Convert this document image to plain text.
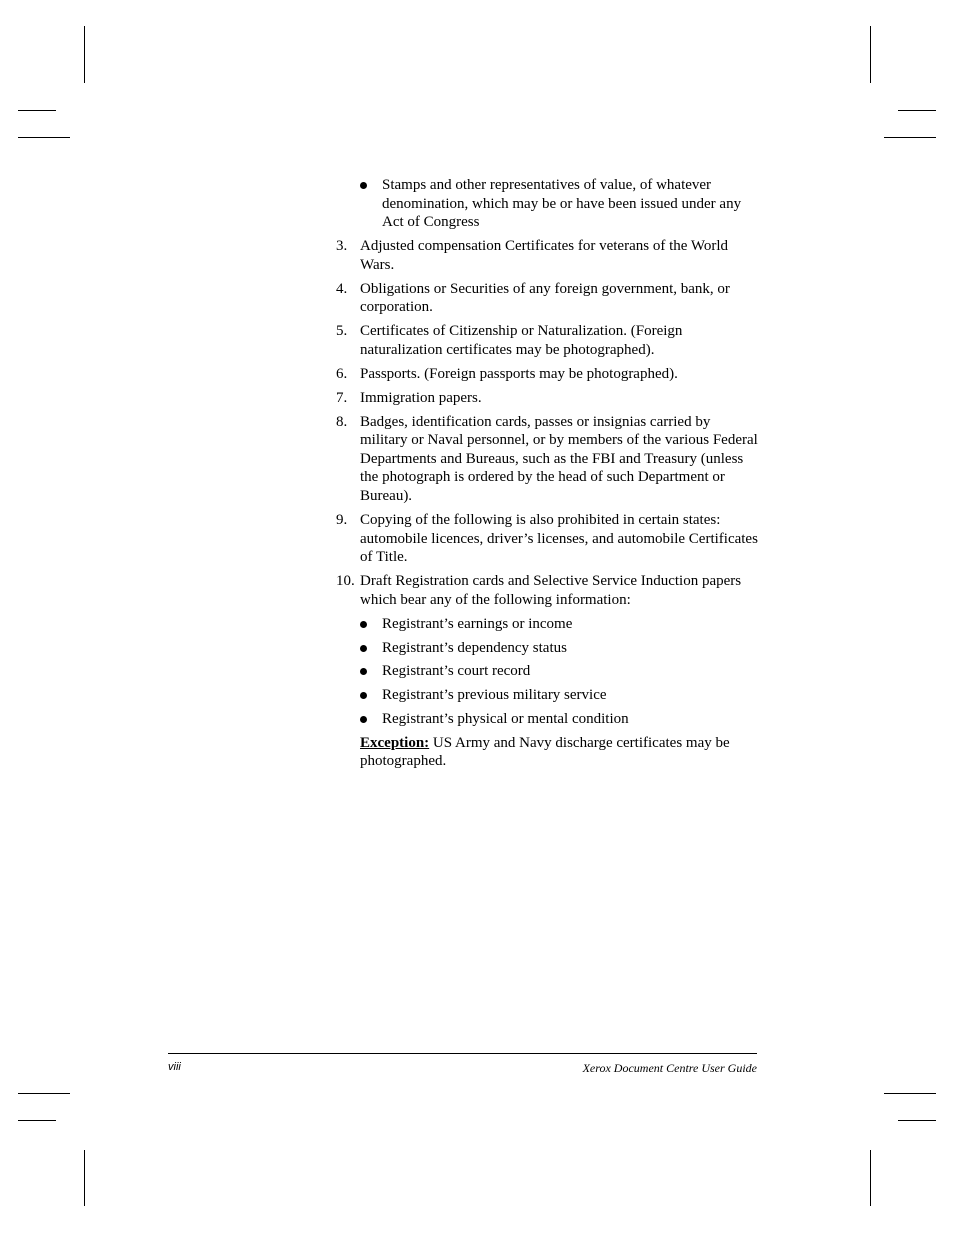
Stamps and other representatives of value, of whatever denomination, which may be or have been issued under any Act of Congress
3. Adjusted compensation Certificates for veterans of the World Wars.
4. Obligations or Securities of any foreign government, bank, or corporation.
5. Certificates of Citizenship or Naturalization. (Foreign naturalization certificates may be photographed).
6. Passports. (Foreign passports may be photographed).
7. Immigration papers.
8. Badges, identification cards, passes or insignias carried by military or Naval personnel, or by members of the various Federal Departments and Bureaus, such as the FBI and Treasury (unless the photograph is ordered by the head of such Department or Bureau).
9. Copying of the following is also prohibited in certain states: automobile licences, driver’s licenses, and automobile Certificates of Title.
10. Draft Registration cards and Selective Service Induction papers which bear any of the following information:
Registrant’s earnings or income
Registrant’s dependency status
Registrant’s court record
Registrant’s previous military service
Registrant’s physical or mental condition
Exception: US Army and Navy discharge certificates may be photographed.
viii	Xerox Document Centre User Guide
